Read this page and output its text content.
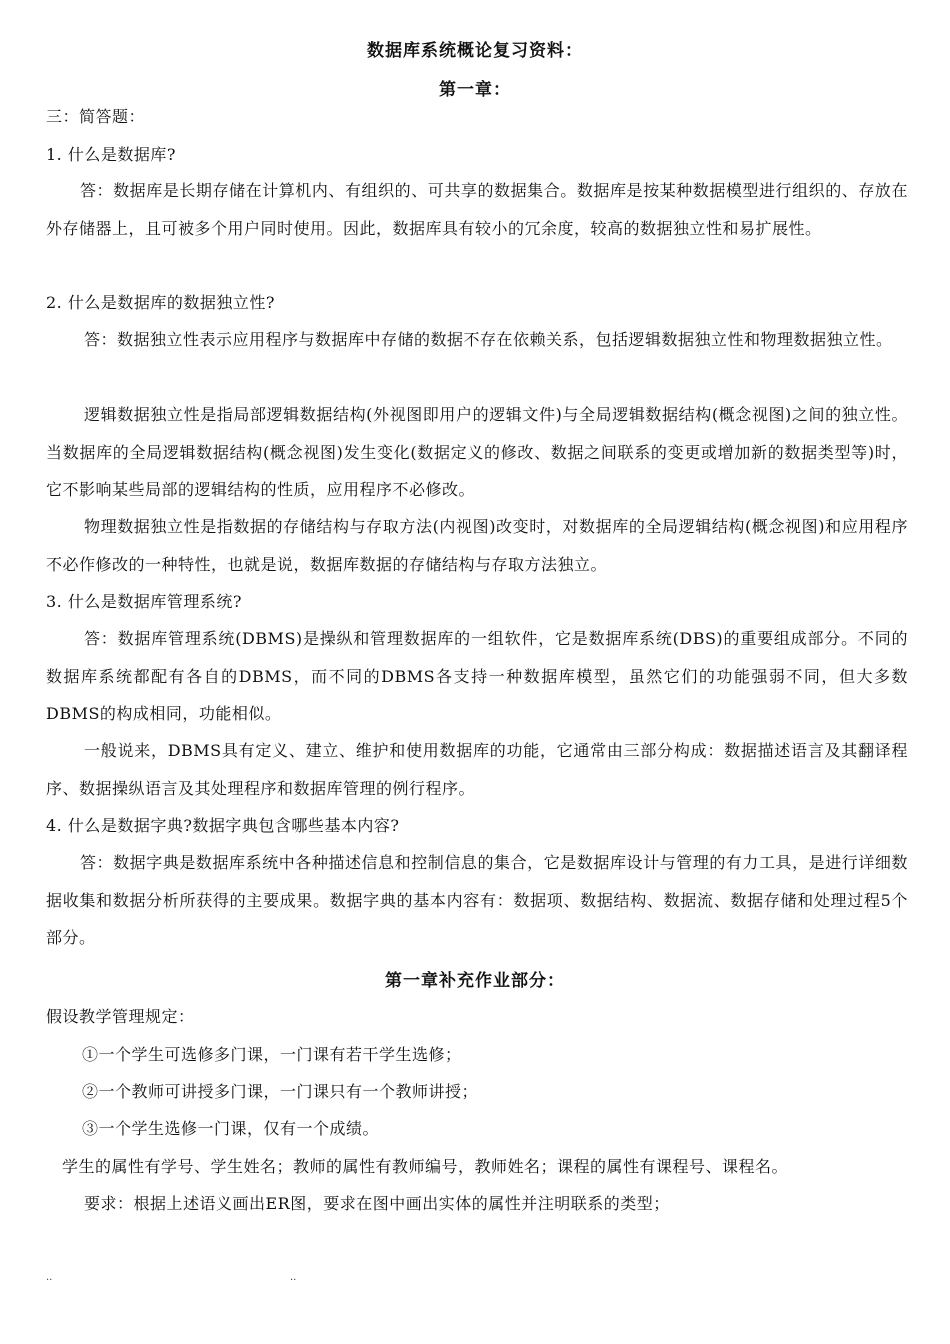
数据库系统概论复习资料：
第一章：
三：简答题：
1. 什么是数据库?

答：数据库是长期存储在计算机内、有组织的、可共享的数据集合。数据库是按某种数据模型进行组织的、存放在外存储器上，且可被多个用户同时使用。因此，数据库具有较小的冗余度，较高的数据独立性和易扩展性。

2. 什么是数据库的数据独立性?

答：数据独立性表示应用程序与数据库中存储的数据不存在依赖关系，包括逻辑数据独立性和物理数据独立性。

逻辑数据独立性是指局部逻辑数据结构(外视图即用户的逻辑文件)与全局逻辑数据结构(概念视图)之间的独立性。当数据库的全局逻辑数据结构(概念视图)发生变化(数据定义的修改、数据之间联系的变更或增加新的数据类型等)时，它不影响某些局部的逻辑结构的性质，应用程序不必修改。

物理数据独立性是指数据的存储结构与存取方法(内视图)改变时，对数据库的全局逻辑结构(概念视图)和应用程序不必作修改的一种特性，也就是说，数据库数据的存储结构与存取方法独立。

3. 什么是数据库管理系统?

答：数据库管理系统(DBMS)是操纵和管理数据库的一组软件，它是数据库系统(DBS)的重要组成部分。不同的数据库系统都配有各自的DBMS，而不同的DBMS各支持一种数据库模型，虽然它们的功能强弱不同，但大多数DBMS的构成相同，功能相似。

一般说来，DBMS具有定义、建立、维护和使用数据库的功能，它通常由三部分构成：数据描述语言及其翻译程序、数据操纵语言及其处理程序和数据库管理的例行程序。

4. 什么是数据字典?数据字典包含哪些基本内容?

答：数据字典是数据库系统中各种描述信息和控制信息的集合，它是数据库设计与管理的有力工具，是进行详细数据收集和数据分析所获得的主要成果。数据字典的基本内容有：数据项、数据结构、数据流、数据存储和处理过程5个部分。

第一章补充作业部分：
假设教学管理规定：
①一个学生可选修多门课，一门课有若干学生选修；
②一个教师可讲授多门课，一门课只有一个教师讲授；
③一个学生选修一门课，仅有一个成绩。
学生的属性有学号、学生姓名；教师的属性有教师编号，教师姓名；课程的属性有课程号、课程名。
要求：根据上述语义画出ER图，要求在图中画出实体的属性并注明联系的类型；
..	..
